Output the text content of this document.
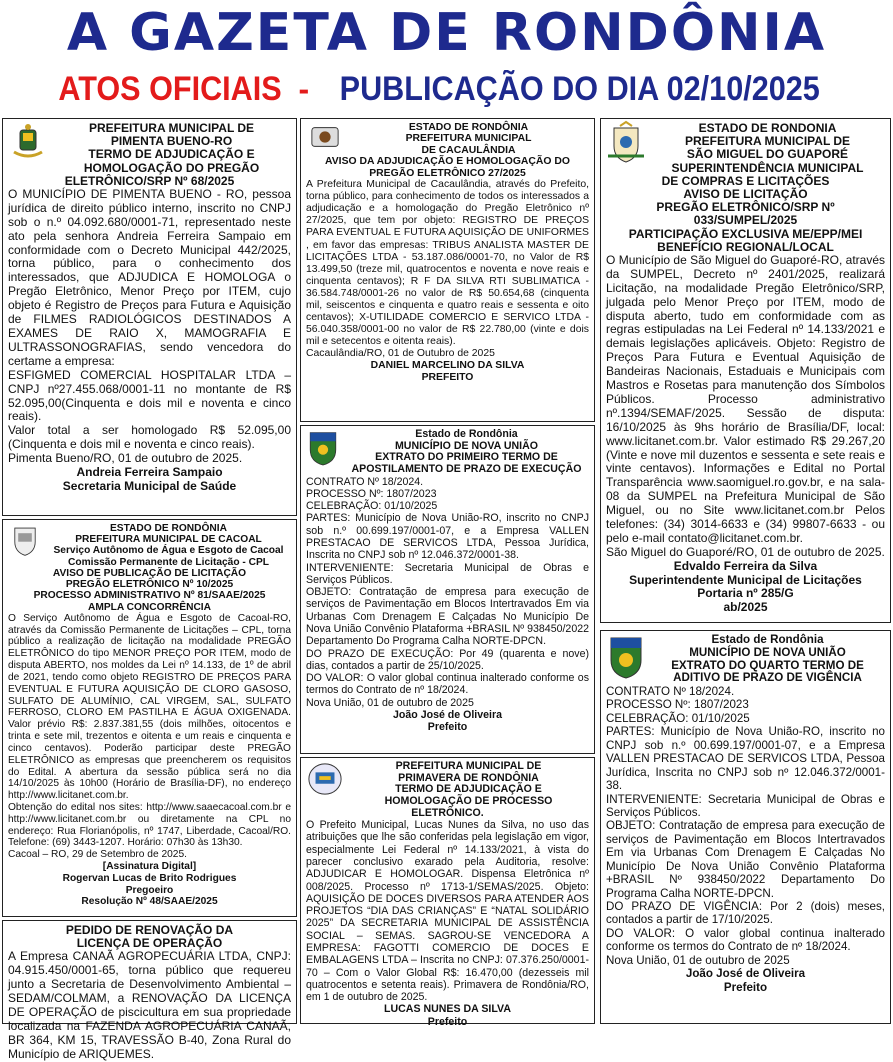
A GAZETA DE RONDÔNIA
ATOS OFICIAIS - PUBLICAÇÃO DO DIA 02/10/2025
PREFEITURA MUNICIPAL DE
PIMENTA BUENO-RO
TERMO DE ADJUDICAÇÃO E
HOMOLOGAÇÃO DO PREGÃO
ELETRÔNICO/SRP Nº 68/2025
O MUNICÍPIO DE PIMENTA BUENO - RO, pessoa jurídica de direito público interno, inscrito no CNPJ sob o n.º 04.092.680/0001-71, representado neste ato pela senhora Andreia Ferreira Sampaio em conformidade com o Decreto Municipal 442/2025, torna público, para o conhecimento dos interessados, que ADJUDICA E HOMOLOGA o Pregão Eletrônico, Menor Preço por ITEM, cujo objeto é Registro de Preços para Futura e Aquisição de FILMES RADIOLÓGICOS DESTINADOS A EXAMES DE RAIO X, MAMOGRAFIA E ULTRASSONOGRAFIAS, sendo vencedora do certame a empresa:
ESFIGMED COMERCIAL HOSPITALAR LTDA – CNPJ nº27.455.068/0001-11 no montante de R$ 52.095,00(Cinquenta e dois mil e noventa e cinco reais).
Valor total a ser homologado R$ 52.095,00 (Cinquenta e dois mil e noventa e cinco reais).
Pimenta Bueno/RO, 01 de outubro de 2025.
Andreia Ferreira Sampaio
Secretaria Municipal de Saúde
ESTADO DE RONDÔNIA
PREFEITURA MUNICIPAL DE CACOAL
Serviço Autônomo de Água e Esgoto de Cacoal
Comissão Permanente de Licitação - CPL
AVISO DE PUBLICAÇÃO DE LICITAÇÃO
PREGÃO ELETRÔNICO Nº 10/2025
PROCESSO ADMINISTRATIVO Nº 81/SAAE/2025
AMPLA CONCORRÊNCIA
O Serviço Autônomo de Água e Esgoto de Cacoal-RO, através da Comissão Permanente de Licitações – CPL, torna público a realização de licitação na modalidade PREGÃO ELETRÔNICO do tipo MENOR PREÇO POR ITEM, modo de disputa ABERTO, nos moldes da Lei nº 14.133, de 1º de abril de 2021, tendo como objeto REGISTRO DE PREÇOS PARA EVENTUAL E FUTURA AQUISIÇÃO DE CLORO GASOSO, SULFATO DE ALUMÍNIO, CAL VIRGEM, SAL, SULFATO FERROSO, CLORO EM PASTILHA E ÁGUA OXIGENADA. Valor prévio R$: 2.837.381,55 (dois milhões, oitocentos e trinta e sete mil, trezentos e oitenta e um reais e cinquenta e cinco centavos). Poderão participar deste PREGÃO ELETRÔNICO as empresas que preencherem os requisitos do Edital. A abertura da sessão pública será no dia 14/10/2025 às 10h00 (Horário de Brasília-DF), no endereço http://www.licitanet.com.br.
Obtenção do edital nos sites: http://www.saaecacoal.com.br e http://www.licitanet.com.br ou diretamente na CPL no endereço: Rua Florianópolis, nº 1747, Liberdade, Cacoal/RO. Telefone: (69) 3443-1207. Horário: 07h30 às 13h30.
Cacoal – RO, 29 de Setembro de 2025.
[Assinatura Digital]
Rogervan Lucas de Brito Rodrigues
Pregoeiro
Resolução Nº 48/SAAE/2025
PEDIDO DE RENOVAÇÃO DA
LICENÇA DE OPERAÇÃO
A Empresa CANAÃ AGROPECUÁRIA LTDA, CNPJ: 04.915.450/0001-65, torna público que requereu junto a Secretaria de Desenvolvimento Ambiental – SEDAM/COLMAM, a RENOVAÇÃO DA LICENÇA DE OPERAÇÃO de piscicultura em sua propriedade localizada na FAZENDA AGROPECUÁRIA CANAÃ, BR 364, KM 15, TRAVESSÃO B-40, Zona Rural do Município de ARIQUEMES.
ESTADO DE RONDÔNIA
PREFEITURA MUNICIPAL
DE CACAULÂNDIA
AVISO DA ADJUDICAÇÃO E HOMOLOGAÇÃO DO
PREGÃO ELETRÔNICO 27/2025
A Prefeitura Municipal de Cacaulândia, através do Prefeito, torna público, para conhecimento de todos os interessados a adjudicação e a homologação do Pregão Eletrônico nº 27/2025, que tem por objeto: REGISTRO DE PREÇOS PARA EVENTUAL E FUTURA AQUISIÇÃO DE UNIFORMES , em favor das empresas: TRIBUS ANALISTA MASTER DE LICITAÇÕES LTDA - 53.187.086/0001-70, no Valor de R$ 13.499,50 (treze mil, quatrocentos e noventa e nove reais e cinquenta centavos); R F DA SILVA RTI SUBLIMATICA - 36.584.748/0001-26 no valor de R$ 50.654,68 (cinquenta mil, seiscentos e cinquenta e quatro reais e sessenta e oito centavos); X-UTILIDADE COMERCIO E SERVICO LTDA - 56.040.358/0001-00 no valor de R$ 22.780,00 (vinte e dois mil e setecentos e oitenta reais).
Cacaulândia/RO, 01 de Outubro de 2025
DANIEL MARCELINO DA SILVA
PREFEITO
Estado de Rondônia
MUNICÍPIO DE NOVA UNIÃO
EXTRATO DO PRIMEIRO TERMO DE
APOSTILAMENTO DE PRAZO DE EXECUÇÃO
CONTRATO Nº 18/2024.
PROCESSO Nº: 1807/2023
CELEBRAÇÃO: 01/10/2025
PARTES: Município de Nova União-RO, inscrito no CNPJ sob n.º 00.699.197/0001-07, e a Empresa VALLEN PRESTACAO DE SERVICOS LTDA, Pessoa Jurídica, Inscrita no CNPJ sob nº 12.046.372/0001-38.
INTERVENIENTE: Secretaria Municipal de Obras e Serviços Públicos.
OBJETO: Contratação de empresa para execução de serviços de Pavimentação em Blocos Intertravados Em via Urbanas Com Drenagem E Calçadas No Município De Nova União Convênio Plataforma +BRASIL Nº 938450/2022 Departamento Do Programa Calha NORTE-DPCN.
DO PRAZO DE EXECUÇÃO: Por 49 (quarenta e nove) dias, contados a partir de 25/10/2025.
DO VALOR: O valor global continua inalterado conforme os termos do Contrato de nº 18/2024.
Nova União, 01 de outubro de 2025
João José de Oliveira
Prefeito
PREFEITURA MUNICIPAL DE
PRIMAVERA DE RONDÔNIA
TERMO DE ADJUDICAÇÃO E
HOMOLOGAÇÃO DE PROCESSO ELETRÔNICO.
O Prefeito Municipal, Lucas Nunes da Silva, no uso das atribuições que lhe são conferidas pela legislação em vigor, especialmente Lei Federal nº 14.133/2021, à vista do parecer conclusivo exarado pela Auditoria, resolve: ADJUDICAR E HOMOLOGAR. Dispensa Eletrônica nº 008/2025. Processo nº 1713-1/SEMAS/2025. Objeto: AQUISIÇÃO DE DOCES DIVERSOS PARA ATENDER AOS PROJETOS “DIA DAS CRIANÇAS” E “NATAL SOLIDÁRIO 2025” DA SECRETARIA MUNICIPAL DE ASSISTÊNCIA SOCIAL – SEMAS. SAGROU-SE VENCEDORA A EMPRESA: FAGOTTI COMERCIO DE DOCES E EMBALAGENS LTDA – Inscrita no CNPJ: 07.376.250/0001-70 – Com o Valor Global R$: 16.470,00 (dezesseis mil quatrocentos e setenta reais). Primavera de Rondônia/RO, em 1 de outubro de 2025.
LUCAS NUNES DA SILVA
Prefeito
ESTADO DE RONDONIA
PREFEITURA MUNICIPAL DE
SÃO MIGUEL DO GUAPORÉ
SUPERINTENDÊNCIA MUNICIPAL
DE COMPRAS E LICITAÇÕES
AVISO DE LICITAÇÃO
PREGÃO ELETRÔNICO/SRP Nº 033/SUMPEL/2025
PARTICIPAÇÃO EXCLUSIVA ME/EPP/MEI
BENEFÍCIO REGIONAL/LOCAL
O Município de São Miguel do Guaporé-RO, através da SUMPEL, Decreto nº 2401/2025, realizará Licitação, na modalidade Pregão Eletrônico/SRP, julgada pelo Menor Preço por ITEM, modo de disputa aberto, tudo em conformidade com as regras estipuladas na Lei Federal nº 14.133/2021 e demais legislações aplicáveis. Objeto: Registro de Preços Para Futura e Eventual Aquisição de Bandeiras Nacionais, Estaduais e Municipais com Mastros e Rosetas para manutenção dos Símbolos Públicos. Processo administrativo nº.1394/SEMAF/2025. Sessão de disputa: 16/10/2025 às 9hs horário de Brasília/DF, local: www.licitanet.com.br. Valor estimado R$ 29.267,20 (Vinte e nove mil duzentos e sessenta e sete reais e vinte centavos). Informações e Edital no Portal Transparência www.saomiguel.ro.gov.br, e na sala-08 da SUMPEL na Prefeitura Municipal de São Miguel, ou no Site www.licitanet.com.br Pelos telefones: (34) 3014-6633 e (34) 99807-6633 - ou pelo e-mail contato@licitanet.com.br.
São Miguel do Guaporé/RO, 01 de outubro de 2025.
Edvaldo Ferreira da Silva
Superintendente Municipal de Licitações
Portaria nº 285/G
ab/2025
Estado de Rondônia
MUNICÍPIO DE NOVA UNIÃO
EXTRATO DO QUARTO TERMO DE
ADITIVO DE PRAZO DE VIGÊNCIA
CONTRATO Nº 18/2024.
PROCESSO Nº: 1807/2023
CELEBRAÇÃO: 01/10/2025
PARTES: Município de Nova União-RO, inscrito no CNPJ sob n.º 00.699.197/0001-07, e a Empresa VALLEN PRESTACAO DE SERVICOS LTDA, Pessoa Jurídica, Inscrita no CNPJ sob nº 12.046.372/0001-38.
INTERVENIENTE: Secretaria Municipal de Obras e Serviços Públicos.
OBJETO: Contratação de empresa para execução de serviços de Pavimentação em Blocos Intertravados Em via Urbanas Com Drenagem E Calçadas No Município De Nova União Convênio Plataforma +BRASIL Nº 938450/2022 Departamento Do Programa Calha NORTE-DPCN.
DO PRAZO DE VIGÊNCIA: Por 2 (dois) meses, contados a partir de 17/10/2025.
DO VALOR: O valor global continua inalterado conforme os termos do Contrato de nº 18/2024.
Nova União, 01 de outubro de 2025
João José de Oliveira
Prefeito
